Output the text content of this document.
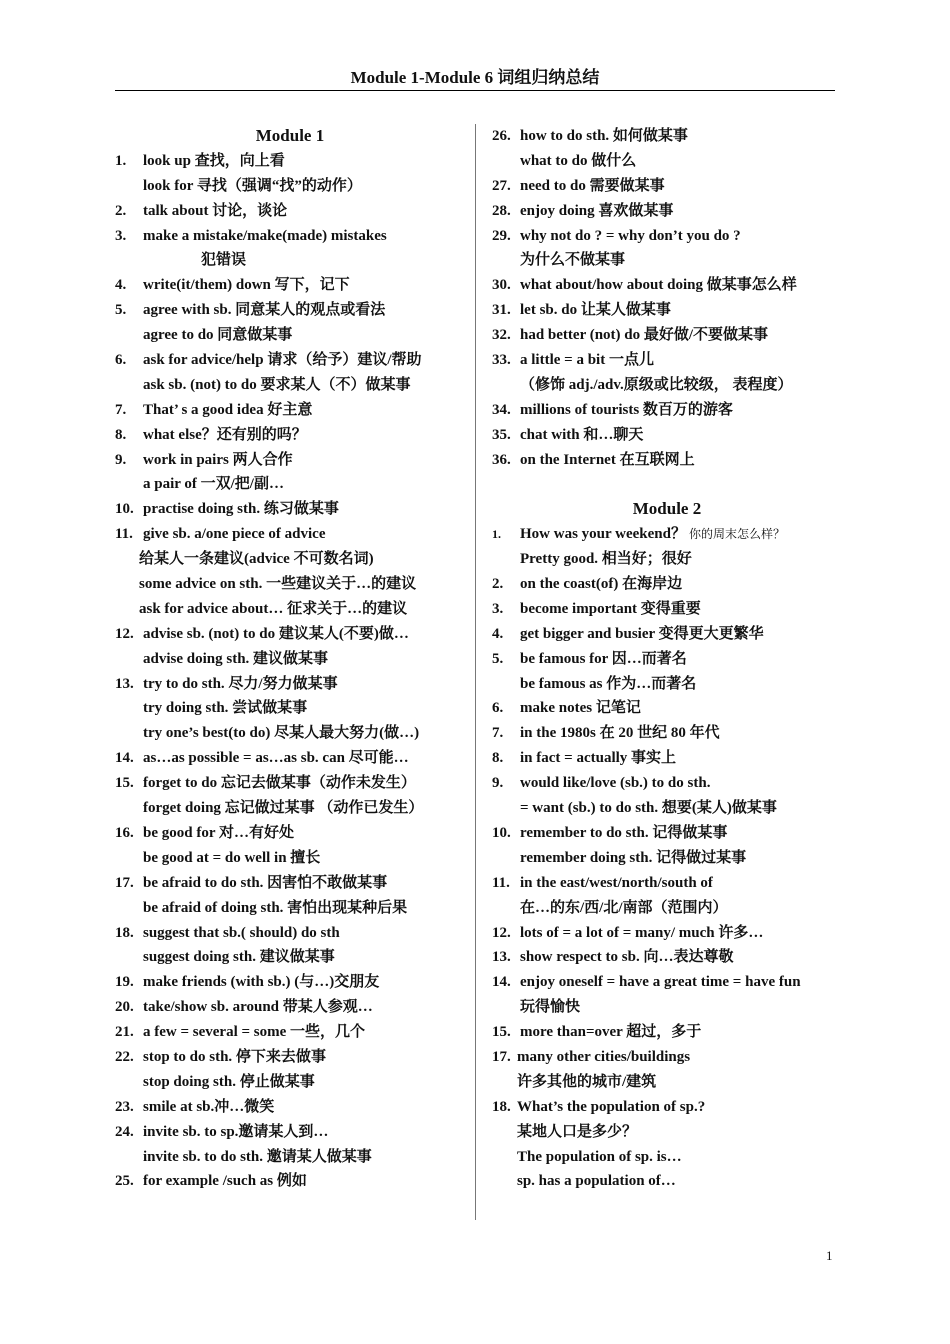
Module 1-Module 6 词组归纳总结
Module 1
1. look up 查找，向上看
look for 寻找（强调“找”的动作）
2. talk about 讨论，谈论
3. make a mistake/make(made) mistakes
犯错误
4. write(it/them) down 写下，记下
5. agree with sb. 同意某人的观点或看法
agree to do 同意做某事
6. ask for advice/help 请求（给予）建议/帮助
ask sb. (not) to do 要求某人（不）做某事
7. That’ s a good idea 好主意
8. what else？还有别的吗？
9. work in pairs 两人合作
a pair of 一双/把/副…
10. practise doing sth. 练习做某事
11. give sb. a/one piece of advice
给某人一条建议(advice 不可数名词)
some advice on sth. 一些建议关于…的建议
ask for advice about… 征求关于…的建议
12. advise sb. (not) to do 建议某人(不要)做…
advise doing sth. 建议做某事
13. try to do sth. 尽力/努力做某事
try doing sth. 尝试做某事
try one’s best(to do) 尽某人最大努力(做…)
14. as…as possible = as…as sb. can 尽可能…
15. forget to do 忘记去做某事（动作未发生）
forget doing 忘记做过某事 （动作已发生）
16. be good for 对…有好处
be good at = do well in 擅长
17. be afraid to do sth. 因害怕不敢做某事
be afraid of doing sth. 害怕出现某种后果
18. suggest that sb.( should) do sth
suggest doing sth. 建议做某事
19. make friends (with sb.) (与…)交朋友
20. take/show sb. around 带某人参观…
21. a few = several = some 一些，几个
22. stop to do sth. 停下来去做事
stop doing sth. 停止做某事
23. smile at sb.冲…微笑
24. invite sb. to sp.邀请某人到…
invite sb. to do sth. 邀请某人做某事
25. for example /such as 例如
26. how to do sth. 如何做某事
what to do 做什么
27. need to do 需要做某事
28. enjoy doing 喜欢做某事
29. why not do ? = why don’t you do ?
为什么不做某事
30. what about/how about doing 做某事怎么样
31. let sb. do 让某人做某事
32. had better (not) do 最好做/不要做某事
33. a little = a bit 一点儿
（修饰 adj./adv.原级或比较级， 表程度）
34. millions of tourists 数百万的游客
35. chat with 和…聊天
36. on the Internet 在互联网上
Module 2
1. How was your weekend？ 你的周末怎么样？
Pretty good. 相当好；很好
2. on the coast(of) 在海岸边
3. become important 变得重要
4. get bigger and busier 变得更大更繁华
5. be famous for 因…而著名
be famous as 作为…而著名
6. make notes 记笔记
7. in the 1980s 在 20 世纪 80 年代
8. in fact = actually 事实上
9. would like/love (sb.) to do sth.
= want (sb.) to do sth. 想要(某人)做某事
10. remember to do sth. 记得做某事
remember doing sth. 记得做过某事
11. in the east/west/north/south of
在…的东/西/北/南部（范围内）
12. lots of = a lot of = many/ much 许多…
13. show respect to sb. 向…表达尊敬
14. enjoy oneself = have a great time = have fun
玩得愉快
15. more than=over 超过，多于
17. many other cities/buildings
许多其他的城市/建筑
18. What’s the population of sp.?
某地人口是多少？
The population of sp. is…
sp. has a population of…
1
